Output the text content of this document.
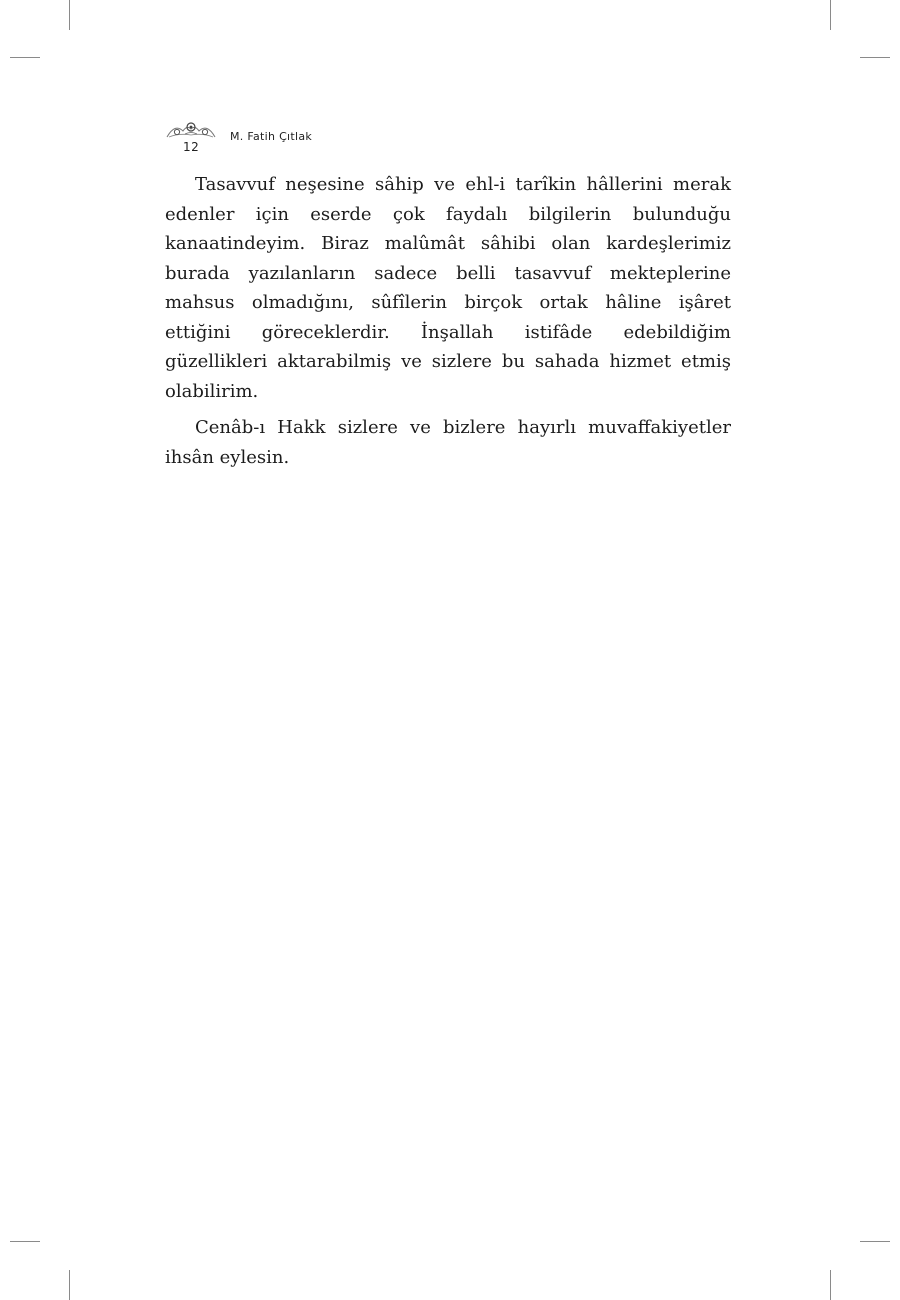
12
M. Fatih Çıtlak

Tasavvuf neşesine sâhip ve ehl-i tarîkin hâllerini merak edenler için eserde çok faydalı bilgilerin bulunduğu kanaatindeyim. Biraz malûmât sâhibi olan kardeşlerimiz burada yazılanların sadece belli tasavvuf mekteplerine mahsus olmadığını, sûfîlerin birçok ortak hâline işâret ettiğini göreceklerdir. İnşallah istifâde edebildiğim güzellikleri aktarabilmiş ve sizlere bu sahada hizmet etmiş olabilirim.

Cenâb-ı Hakk sizlere ve bizlere hayırlı muvaffakiyetler ihsân eylesin.
